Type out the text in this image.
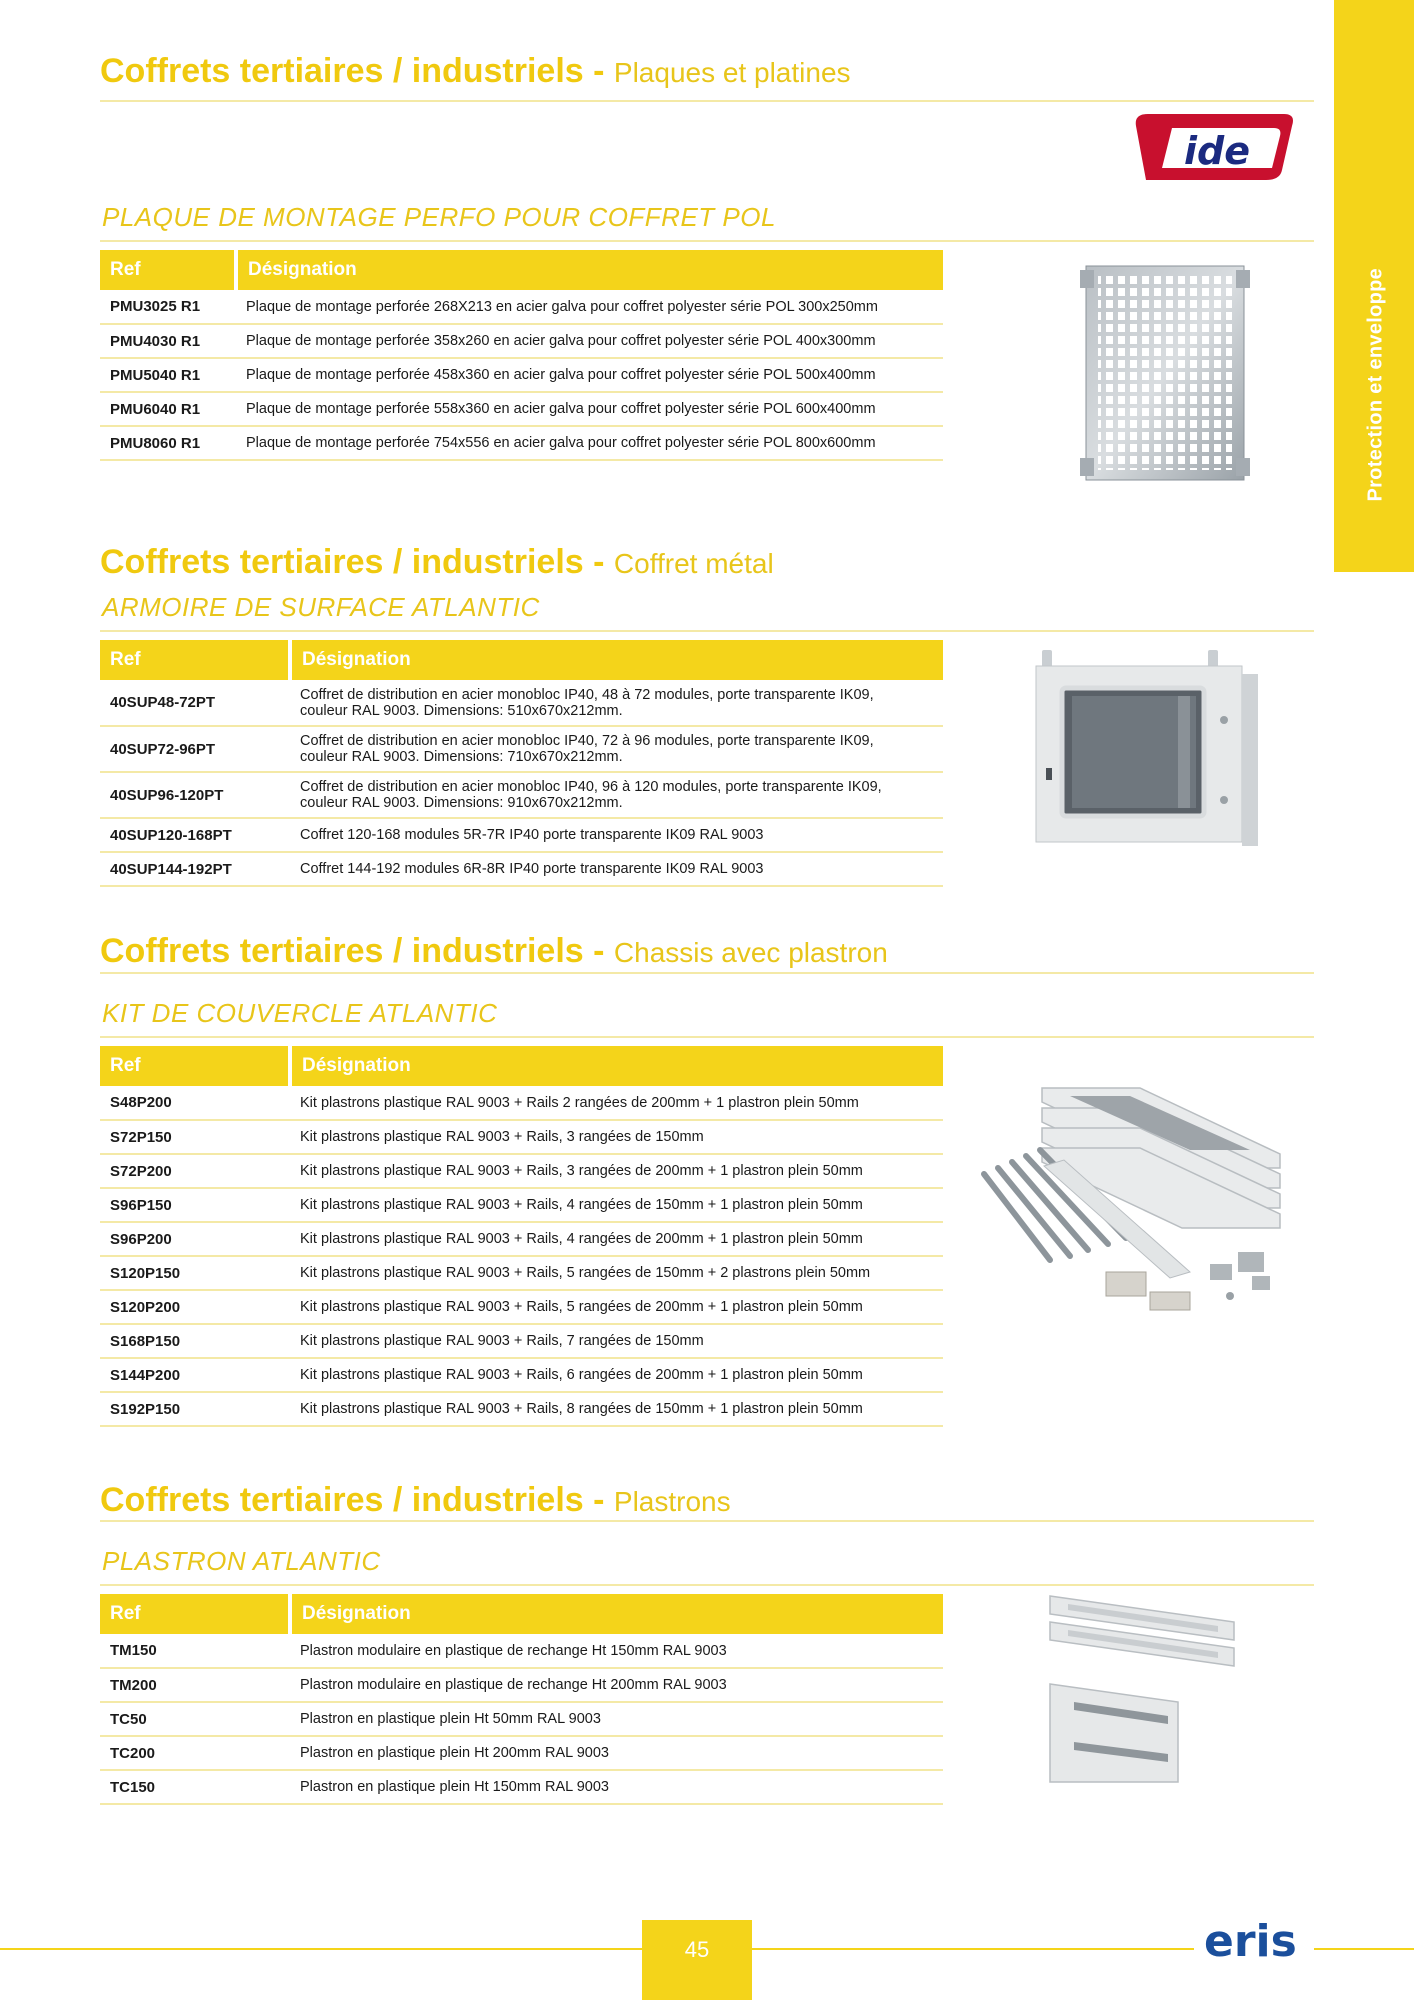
Protection et enveloppe
Coffrets tertiaires / industriels - Plaques et platines
ide
PLAQUE DE MONTAGE PERFO POUR COFFRET POL
Ref	Désignation
PMU3025 R1	Plaque de montage perforée 268X213 en acier galva pour coffret polyester série POL 300x250mm
PMU4030 R1	Plaque de montage perforée 358x260 en acier galva pour coffret polyester série POL 400x300mm
PMU5040 R1	Plaque de montage perforée 458x360 en acier galva pour coffret polyester série POL 500x400mm
PMU6040 R1	Plaque de montage perforée 558x360 en acier galva pour coffret polyester série POL 600x400mm
PMU8060 R1	Plaque de montage perforée 754x556 en acier galva pour coffret polyester série POL 800x600mm
Coffrets tertiaires / industriels - Coffret métal
ARMOIRE DE SURFACE ATLANTIC
Ref	Désignation
40SUP48-72PT	Coffret de distribution en acier monobloc IP40, 48 à 72 modules, porte transparente IK09,
couleur RAL 9003. Dimensions: 510x670x212mm.

40SUP72-96PT	Coffret de distribution en acier monobloc IP40, 72 à 96 modules, porte transparente IK09,
couleur RAL 9003. Dimensions: 710x670x212mm.

40SUP96-120PT	Coffret de distribution en acier monobloc IP40, 96 à 120 modules, porte transparente IK09,
couleur RAL 9003. Dimensions: 910x670x212mm.

40SUP120-168PT	Coffret 120-168 modules 5R-7R IP40 porte transparente IK09 RAL 9003
40SUP144-192PT	Coffret 144-192 modules 6R-8R IP40 porte transparente IK09 RAL 9003
Coffrets tertiaires / industriels - Chassis avec plastron
KIT DE COUVERCLE ATLANTIC
Ref	Désignation
S48P200	Kit plastrons plastique RAL 9003 + Rails 2 rangées de 200mm + 1 plastron plein 50mm
S72P150	Kit plastrons plastique RAL 9003 + Rails, 3 rangées de 150mm
S72P200	Kit plastrons plastique RAL 9003 + Rails, 3 rangées de 200mm + 1 plastron plein 50mm
S96P150	Kit plastrons plastique RAL 9003 + Rails, 4 rangées de 150mm + 1 plastron plein 50mm
S96P200	Kit plastrons plastique RAL 9003 + Rails, 4 rangées de 200mm + 1 plastron plein 50mm
S120P150	Kit plastrons plastique RAL 9003 + Rails, 5 rangées de 150mm + 2 plastrons plein 50mm
S120P200	Kit plastrons plastique RAL 9003 + Rails, 5 rangées de 200mm + 1 plastron plein 50mm
S168P150	Kit plastrons plastique RAL 9003 + Rails, 7 rangées de 150mm
S144P200	Kit plastrons plastique RAL 9003 + Rails, 6 rangées de 200mm + 1 plastron plein 50mm
S192P150	Kit plastrons plastique RAL 9003 + Rails, 8 rangées de 150mm + 1 plastron plein 50mm
Coffrets tertiaires / industriels - Plastrons
PLASTRON ATLANTIC
Ref	Désignation
TM150	Plastron modulaire en plastique de rechange Ht 150mm RAL 9003
TM200	Plastron modulaire en plastique de rechange Ht 200mm RAL 9003
TC50	Plastron en plastique plein Ht 50mm RAL 9003
TC200	Plastron en plastique plein Ht 200mm RAL 9003
TC150	Plastron en plastique plein Ht 150mm RAL 9003
45	eris
